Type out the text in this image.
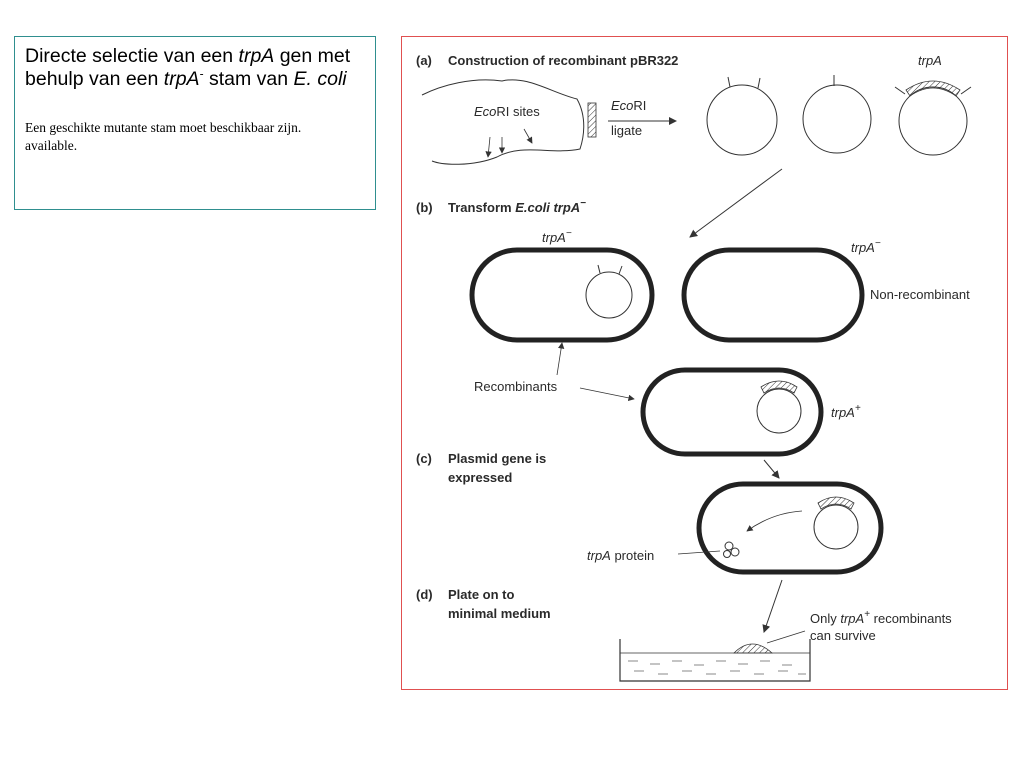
Directe selectie van een trpA gen met behulp van een trpA- stam van E. coli

Een geschikte mutante stam moet beschikbaar zijn.
available.
(a) Construction of recombinant pBR322
EcoRI sites	EcoRI
ligate
trpA
(b) Transform E.coli trpA−
trpA−
trpA−
Non-recombinant
Recombinants
trpA+
(c) Plasmid gene is
expressed
trpA protein
(d) Plate on to
minimal medium	Only trpA+ recombinants
can survive
